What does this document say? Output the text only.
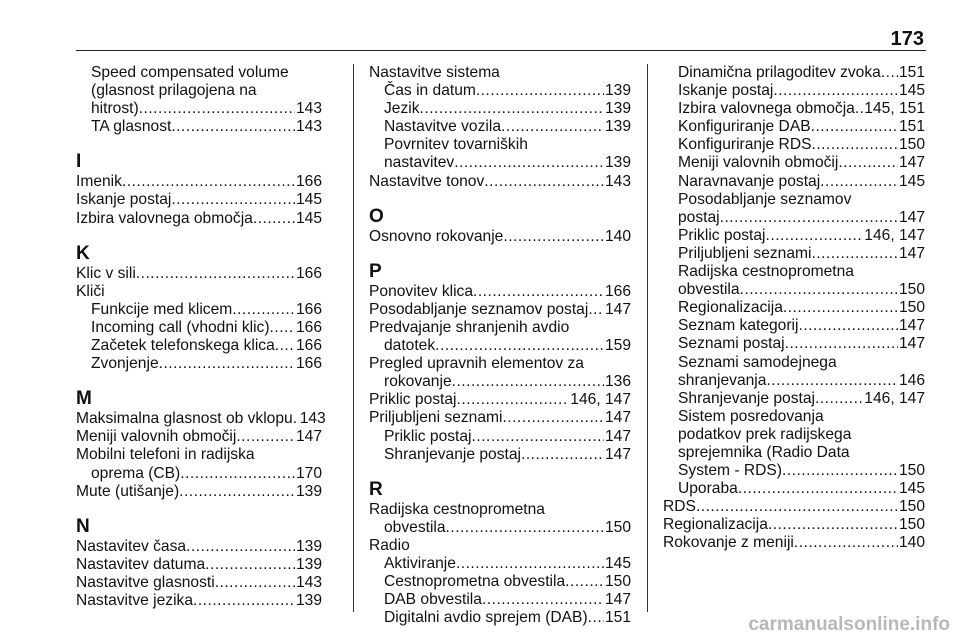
173
Speed compensated volume
(glasnost prilagojena na
hitrost) .....	143
TA glasnost .....	143
I
Imenik .....	166
Iskanje postaj .....	145
Izbira valovnega območja .....	145
K
Klic v sili .....	166
Kliči
Funkcije med klicem .....	166
Incoming call (vhodni klic) ..... 166
Začetek telefonskega klica ..... 166
Zvonjenje .....	166
M
Maksimalna glasnost ob vklopu ..... 143
Meniji valovnih območij .....	147
Mobilni telefoni in radijska
oprema (CB) .....	170
Mute (utišanje) .....	139
N
Nastavitev časa .....	139
Nastavitev datuma .....	139
Nastavitve glasnosti .....	143
Nastavitve jezika .....	139
Nastavitve sistema
Čas in datum .....	139
Jezik .....	139
Nastavitve vozila .....	139
Povrnitev tovarniških
nastavitev .....	139
Nastavitve tonov .....	143
O
Osnovno rokovanje .....	140
P
Ponovitev klica .....	166
Posodabljanje seznamov postaj ..... 147
Predvajanje shranjenih avdio
datotek .....	159
Pregled upravnih elementov za
rokovanje .....	136
Priklic postaj .....	146, 147
Priljubljeni seznami .....	147
Priklic postaj .....	147
Shranjevanje postaj .....	147
R
Radijska cestnoprometna
obvestila .....	150
Radio
Aktiviranje .....	145
Cestnoprometna obvestila .....	150
DAB obvestila .....	147
Digitalni avdio sprejem (DAB) ..... 151
Dinamična prilagoditev zvoka ..... 151
Iskanje postaj .....	145
Izbira valovnega območja ..... 145, 151
Konfiguriranje DAB .....	151
Konfiguriranje RDS .....	150
Meniji valovnih območij .....	147
Naravnavanje postaj .....	145
Posodabljanje seznamov
postaj .....	147
Priklic postaj .....	146, 147
Priljubljeni seznami .....	147
Radijska cestnoprometna
obvestila .....	150
Regionalizacija .....	150
Seznam kategorij .....	147
Seznami postaj .....	147
Seznami samodejnega
shranjevanja .....	146
Shranjevanje postaj .....	146, 147
Sistem posredovanja
podatkov prek radijskega
sprejemnika (Radio Data
System - RDS) .....	150
Uporaba .....	145
RDS .....	150
Regionalizacija .....	150
Rokovanje z meniji .....	140
carmanualsonline.info
